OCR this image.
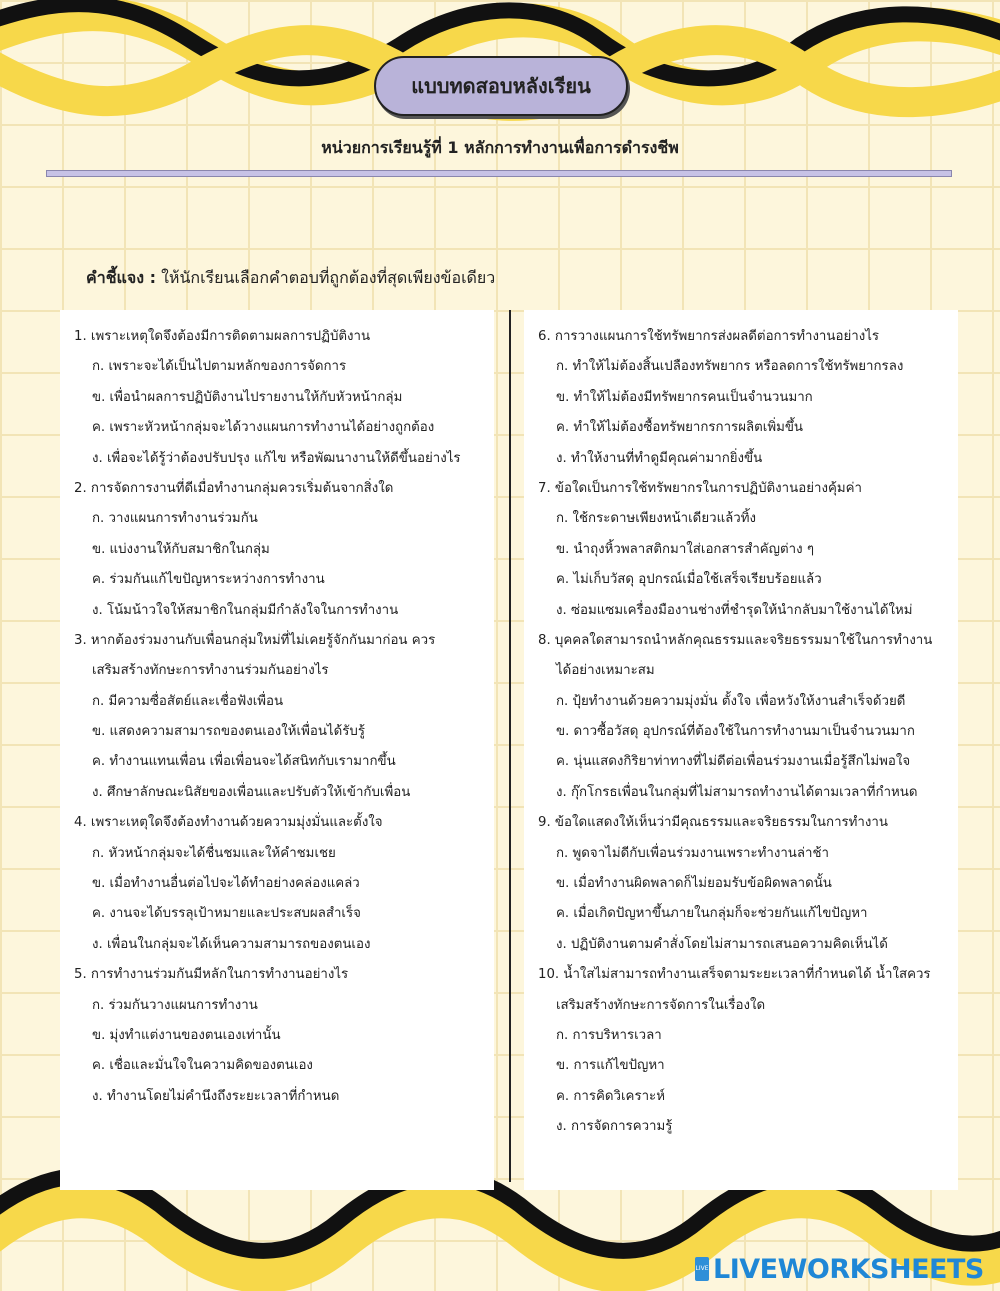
แบบทดสอบหลังเรียน
หน่วยการเรียนรู้ที่ 1 หลักการทำงานเพื่อการดำรงชีพ
คำชี้แจง : ให้นักเรียนเลือกคำตอบที่ถูกต้องที่สุดเพียงข้อเดียว
1. เพราะเหตุใดจึงต้องมีการติดตามผลการปฏิบัติงาน
ก. เพราะจะได้เป็นไปตามหลักของการจัดการ
ข. เพื่อนำผลการปฏิบัติงานไปรายงานให้กับหัวหน้ากลุ่ม
ค. เพราะหัวหน้ากลุ่มจะได้วางแผนการทำงานได้อย่างถูกต้อง
ง. เพื่อจะได้รู้ว่าต้องปรับปรุง แก้ไข หรือพัฒนางานให้ดีขึ้นอย่างไร
2. การจัดการงานที่ดีเมื่อทำงานกลุ่มควรเริ่มต้นจากสิ่งใด
ก. วางแผนการทำงานร่วมกัน
ข. แบ่งงานให้กับสมาชิกในกลุ่ม
ค. ร่วมกันแก้ไขปัญหาระหว่างการทำงาน
ง. โน้มน้าวใจให้สมาชิกในกลุ่มมีกำลังใจในการทำงาน
3. หากต้องร่วมงานกับเพื่อนกลุ่มใหม่ที่ไม่เคยรู้จักกันมาก่อน ควร
เสริมสร้างทักษะการทำงานร่วมกันอย่างไร
ก. มีความซื่อสัตย์และเชื่อฟังเพื่อน
ข. แสดงความสามารถของตนเองให้เพื่อนได้รับรู้
ค. ทำงานแทนเพื่อน เพื่อเพื่อนจะได้สนิทกับเรามากขึ้น
ง. ศึกษาลักษณะนิสัยของเพื่อนและปรับตัวให้เข้ากับเพื่อน
4. เพราะเหตุใดจึงต้องทำงานด้วยความมุ่งมั่นและตั้งใจ
ก. หัวหน้ากลุ่มจะได้ชื่นชมและให้คำชมเชย
ข. เมื่อทำงานอื่นต่อไปจะได้ทำอย่างคล่องแคล่ว
ค. งานจะได้บรรลุเป้าหมายและประสบผลสำเร็จ
ง. เพื่อนในกลุ่มจะได้เห็นความสามารถของตนเอง
5. การทำงานร่วมกันมีหลักในการทำงานอย่างไร
ก. ร่วมกันวางแผนการทำงาน
ข. มุ่งทำแต่งานของตนเองเท่านั้น
ค. เชื่อและมั่นใจในความคิดของตนเอง
ง. ทำงานโดยไม่คำนึงถึงระยะเวลาที่กำหนด
6. การวางแผนการใช้ทรัพยากรส่งผลดีต่อการทำงานอย่างไร
ก. ทำให้ไม่ต้องสิ้นเปลืองทรัพยากร หรือลดการใช้ทรัพยากรลง
ข. ทำให้ไม่ต้องมีทรัพยากรคนเป็นจำนวนมาก
ค. ทำให้ไม่ต้องซื้อทรัพยากรการผลิตเพิ่มขึ้น
ง. ทำให้งานที่ทำดูมีคุณค่ามากยิ่งขึ้น
7. ข้อใดเป็นการใช้ทรัพยากรในการปฏิบัติงานอย่างคุ้มค่า
ก. ใช้กระดาษเพียงหน้าเดียวแล้วทิ้ง
ข. นำถุงหิ้วพลาสติกมาใส่เอกสารสำคัญต่าง ๆ
ค. ไม่เก็บวัสดุ อุปกรณ์เมื่อใช้เสร็จเรียบร้อยแล้ว
ง. ซ่อมแซมเครื่องมืองานช่างที่ชำรุดให้นำกลับมาใช้งานได้ใหม่
8. บุคคลใดสามารถนำหลักคุณธรรมและจริยธรรมมาใช้ในการทำงาน
ได้อย่างเหมาะสม
ก. ปุ้ยทำงานด้วยความมุ่งมั่น ตั้งใจ เพื่อหวังให้งานสำเร็จด้วยดี
ข. ดาวซื้อวัสดุ อุปกรณ์ที่ต้องใช้ในการทำงานมาเป็นจำนวนมาก
ค. นุ่นแสดงกิริยาท่าทางที่ไม่ดีต่อเพื่อนร่วมงานเมื่อรู้สึกไม่พอใจ
ง. กุ๊กโกรธเพื่อนในกลุ่มที่ไม่สามารถทำงานได้ตามเวลาที่กำหนด
9. ข้อใดแสดงให้เห็นว่ามีคุณธรรมและจริยธรรมในการทำงาน
ก. พูดจาไม่ดีกับเพื่อนร่วมงานเพราะทำงานล่าช้า
ข. เมื่อทำงานผิดพลาดก็ไม่ยอมรับข้อผิดพลาดนั้น
ค. เมื่อเกิดปัญหาขึ้นภายในกลุ่มก็จะช่วยกันแก้ไขปัญหา
ง. ปฏิบัติงานตามคำสั่งโดยไม่สามารถเสนอความคิดเห็นได้
10. น้ำใสไม่สามารถทำงานเสร็จตามระยะเวลาที่กำหนดได้ น้ำใสควร
เสริมสร้างทักษะการจัดการในเรื่องใด
ก. การบริหารเวลา
ข. การแก้ไขปัญหา
ค. การคิดวิเคราะห์
ง. การจัดการความรู้
LIVE LIVEWORKSHEETS
